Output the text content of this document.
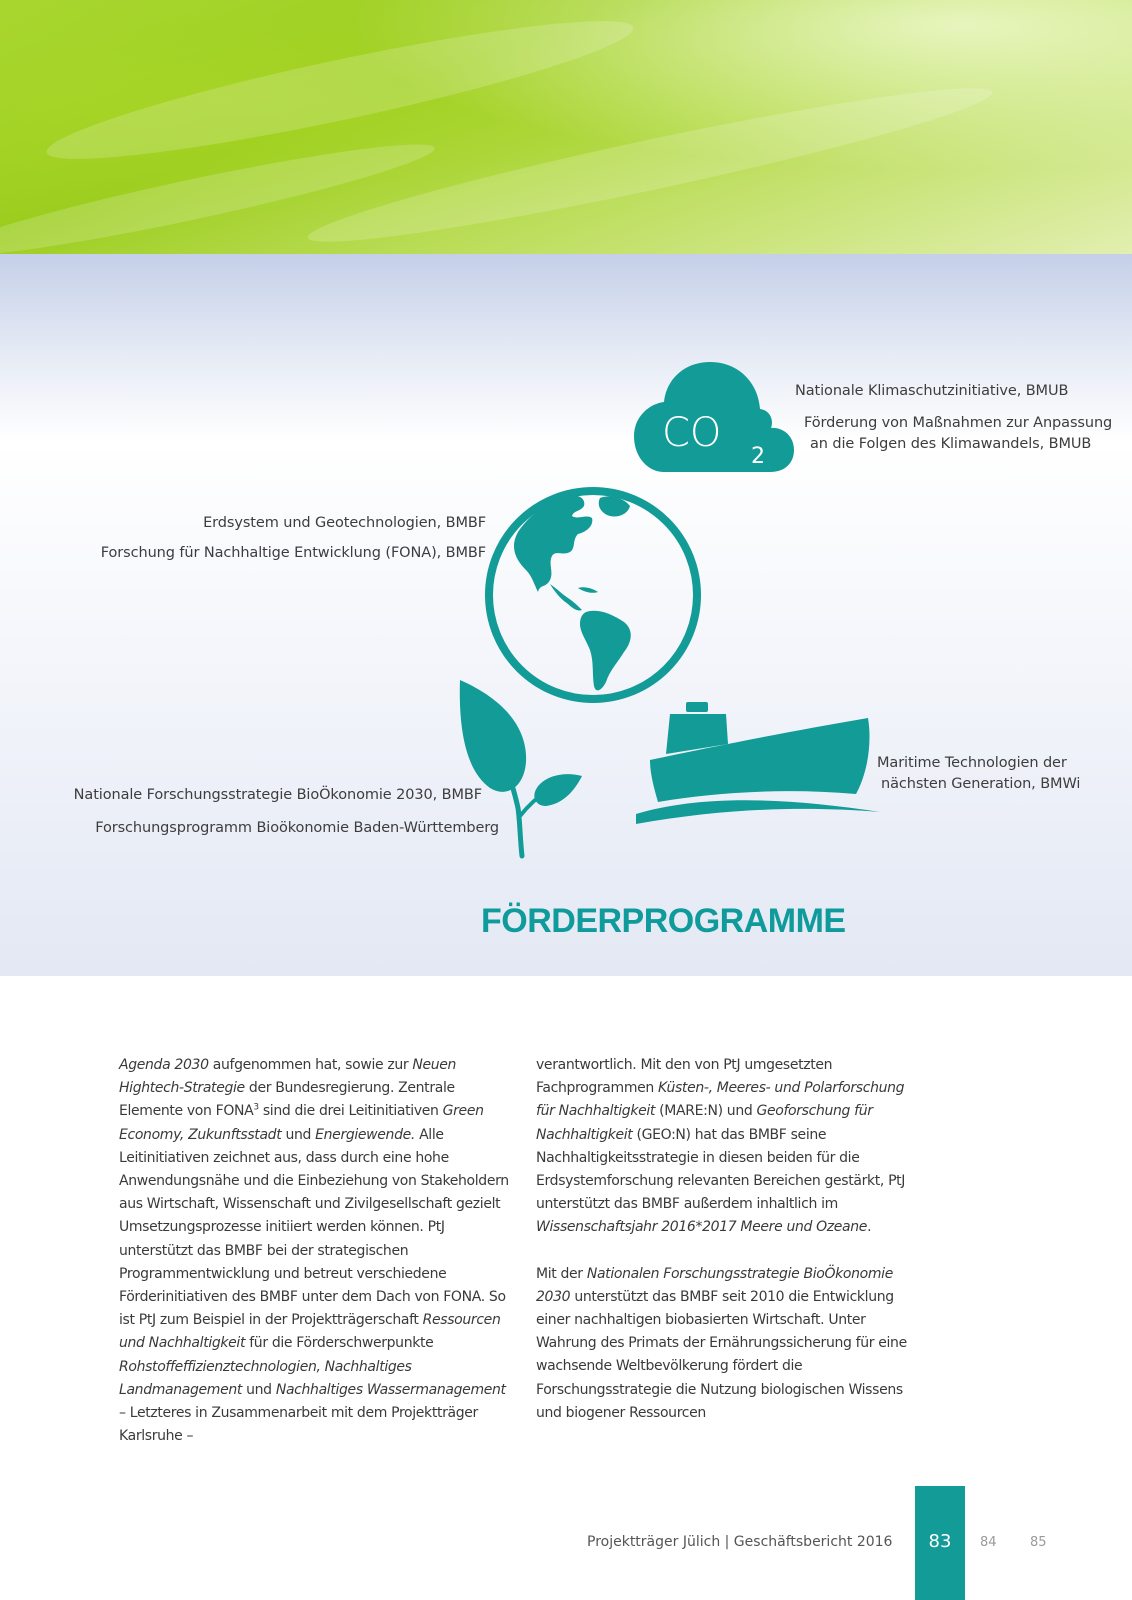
CO
2
Nationale Klimaschutzinitiative, BMUB
Förderung von Maßnahmen zur Anpassung
an die Folgen des Klimawandels, BMUB
Erdsystem und Geotechnologien, BMBF
Forschung für Nachhaltige Entwicklung (FONA), BMBF
Maritime Technologien der
nächsten Generation, BMWi
Nationale Forschungsstrategie BioÖkonomie 2030, BMBF
Forschungsprogramm Bioökonomie Baden-Württemberg
FÖRDERPROGRAMME

Agenda 2030 aufgenommen hat, sowie zur Neuen Hightech-Strategie der Bundesregierung. Zentrale Elemente von FONA$^3$ sind die drei Leitinitiativen Green Economy, Zukunftsstadt und Energiewende. Alle Leitinitiativen zeichnet aus, dass durch eine hohe Anwendungsnähe und die Einbeziehung von Stakeholdern aus Wirtschaft, Wissenschaft und Zivilgesellschaft gezielt Umsetzungsprozesse initiiert werden können. PtJ unterstützt das BMBF bei der strategischen Programmentwicklung und betreut verschiedene Förderinitiativen des BMBF unter dem Dach von FONA. So ist PtJ zum Beispiel in der Projektträgerschaft Ressourcen und Nachhaltigkeit für die Förderschwerpunkte Rohstoffeffizienztechnologien, Nachhaltiges Landmanagement und Nachhaltiges Wassermanagement – Letzteres in Zusammenarbeit mit dem Projektträger Karlsruhe –

verantwortlich. Mit den von PtJ umgesetzten Fachprogrammen Küsten-, Meeres- und Polarforschung für Nachhaltigkeit (MARE:N) und Geoforschung für Nachhaltigkeit (GEO:N) hat das BMBF seine Nachhaltigkeitsstrategie in diesen beiden für die Erdsystemforschung relevanten Bereichen gestärkt, PtJ unterstützt das BMBF außerdem inhaltlich im Wissenschaftsjahr 2016*2017 Meere und Ozeane.

Mit der Nationalen Forschungsstrategie BioÖkonomie 2030 unterstützt das BMBF seit 2010 die Entwicklung einer nachhaltigen biobasierten Wirtschaft. Unter Wahrung des Primats der Ernährungssicherung für eine wachsende Weltbevölkerung fördert die Forschungsstrategie die Nutzung biologischen Wissens und biogener Ressourcen

Projektträger Jülich | Geschäftsbericht 2016	83	84	85
